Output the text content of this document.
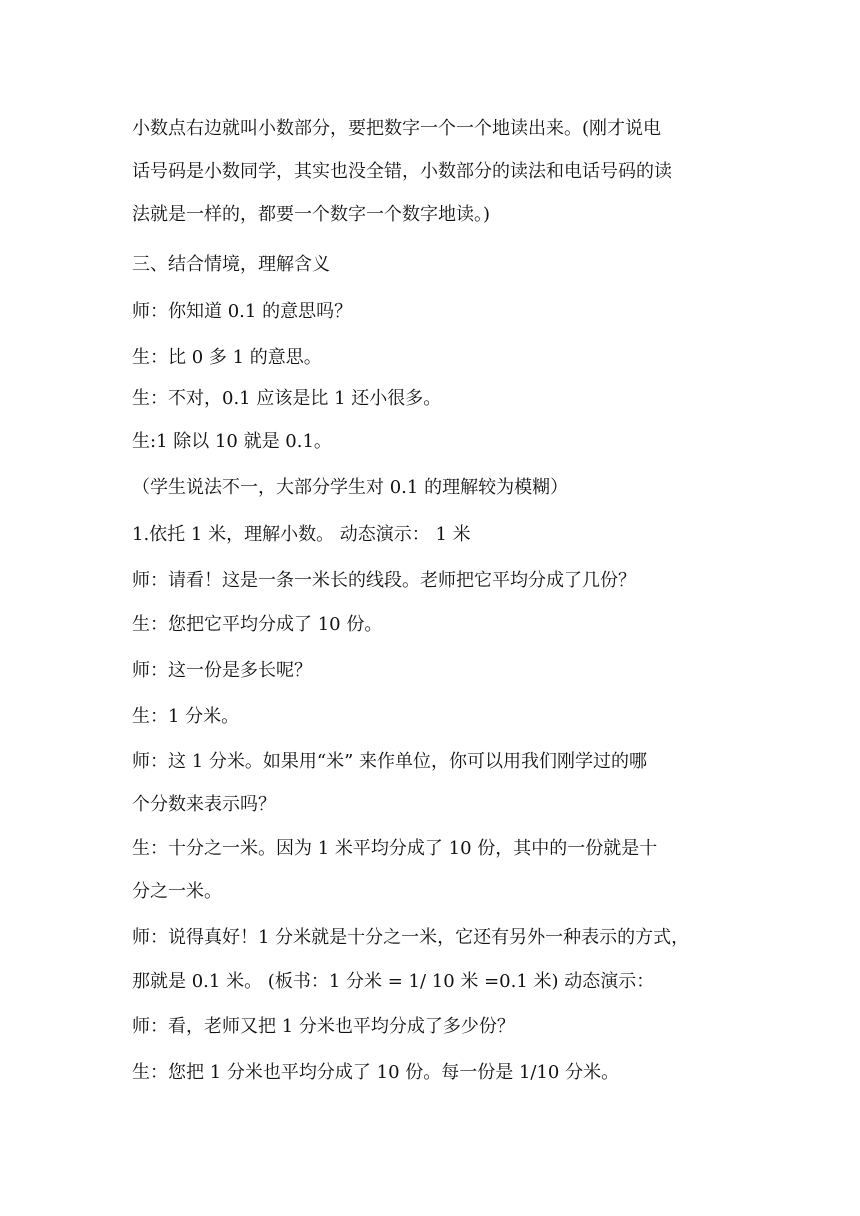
小数点右边就叫小数部分，要把数字一个一个地读出来。(刚才说电
话号码是小数同学，其实也没全错，小数部分的读法和电话号码的读
法就是一样的，都要一个数字一个数字地读。)
三、结合情境，理解含义
师：你知道 0.1 的意思吗？
生：比 0 多 1 的意思。
生：不对，0.1 应该是比 1 还小很多。
生:1 除以 10 就是 0.1。
（学生说法不一，大部分学生对 0.1 的理解较为模糊）
1.依托 1 米，理解小数。 动态演示： 1 米
师：请看！这是一条一米长的线段。老师把它平均分成了几份？
生：您把它平均分成了 10 份。
师：这一份是多长呢？
生：1 分米。
师：这 1 分米。如果用“米” 来作单位，你可以用我们刚学过的哪
个分数来表示吗？
生：十分之一米。因为 1 米平均分成了 10 份，其中的一份就是十
分之一米。
师：说得真好！1 分米就是十分之一米，它还有另外一种表示的方式，
那就是 0.1 米。 (板书：1 分米 = 1/ 10 米 =0.1 米) 动态演示：
师：看，老师又把 1 分米也平均分成了多少份？
生：您把 1 分米也平均分成了 10 份。每一份是 1/10 分米。
